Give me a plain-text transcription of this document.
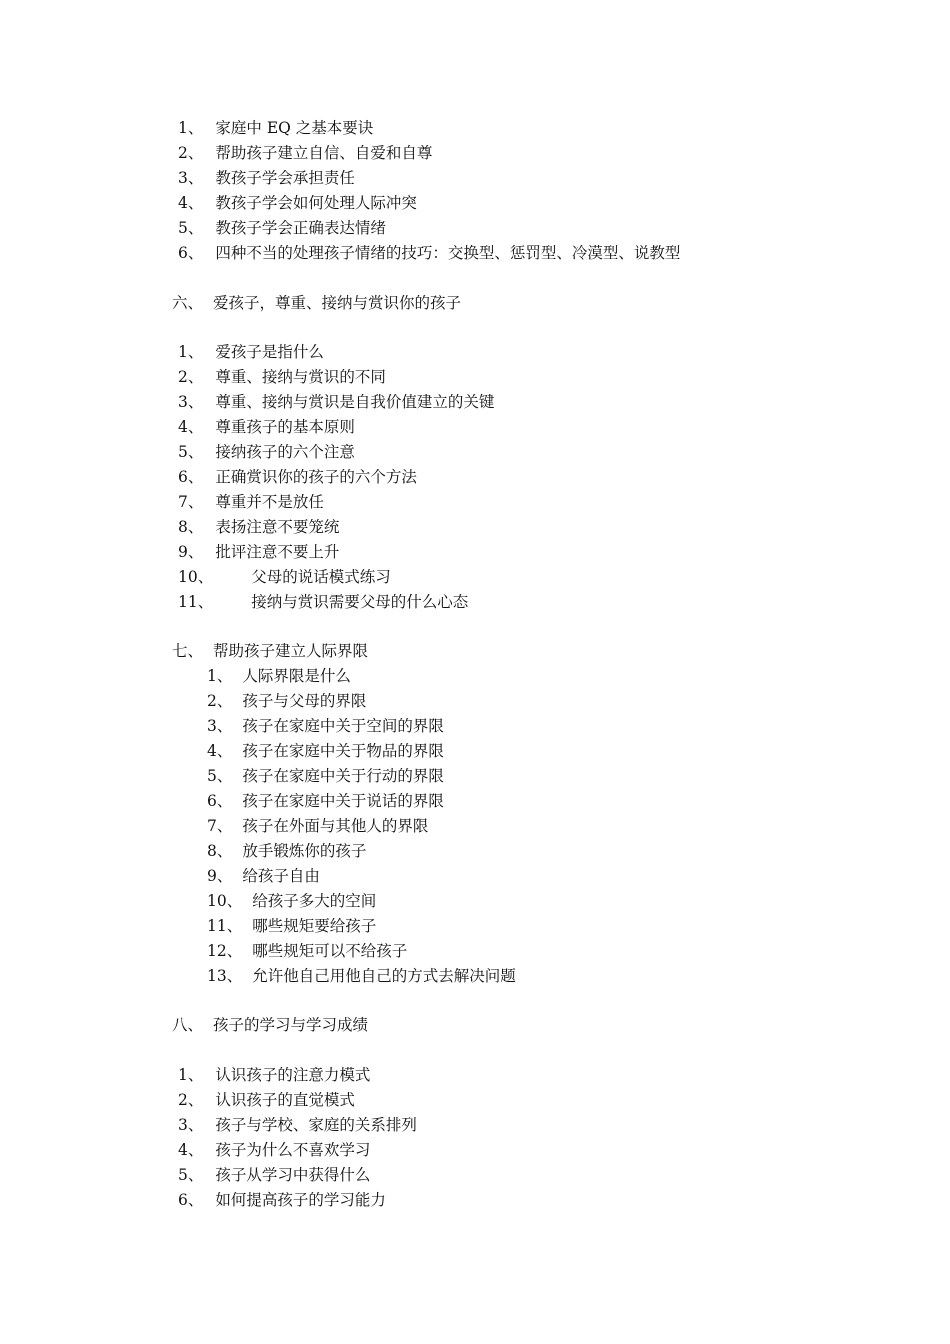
1、 家庭中 EQ 之基本要诀
2、 帮助孩子建立自信、自爱和自尊
3、 教孩子学会承担责任
4、 教孩子学会如何处理人际冲突
5、 教孩子学会正确表达情绪
6、 四种不当的处理孩子情绪的技巧：交换型、惩罚型、冷漠型、说教型
六、 爱孩子，尊重、接纳与赏识你的孩子
1、 爱孩子是指什么
2、 尊重、接纳与赏识的不同
3、 尊重、接纳与赏识是自我价值建立的关键
4、 尊重孩子的基本原则
5、 接纳孩子的六个注意
6、 正确赏识你的孩子的六个方法
7、 尊重并不是放任
8、 表扬注意不要笼统
9、 批评注意不要上升
10、 父母的说话模式练习
11、 接纳与赏识需要父母的什么心态
七、 帮助孩子建立人际界限
1、 人际界限是什么
2、 孩子与父母的界限
3、 孩子在家庭中关于空间的界限
4、 孩子在家庭中关于物品的界限
5、 孩子在家庭中关于行动的界限
6、 孩子在家庭中关于说话的界限
7、 孩子在外面与其他人的界限
8、 放手锻炼你的孩子
9、 给孩子自由
10、 给孩子多大的空间
11、 哪些规矩要给孩子
12、 哪些规矩可以不给孩子
13、 允许他自己用他自己的方式去解决问题
八、 孩子的学习与学习成绩
1、 认识孩子的注意力模式
2、 认识孩子的直觉模式
3、 孩子与学校、家庭的关系排列
4、 孩子为什么不喜欢学习
5、 孩子从学习中获得什么
6、 如何提高孩子的学习能力
